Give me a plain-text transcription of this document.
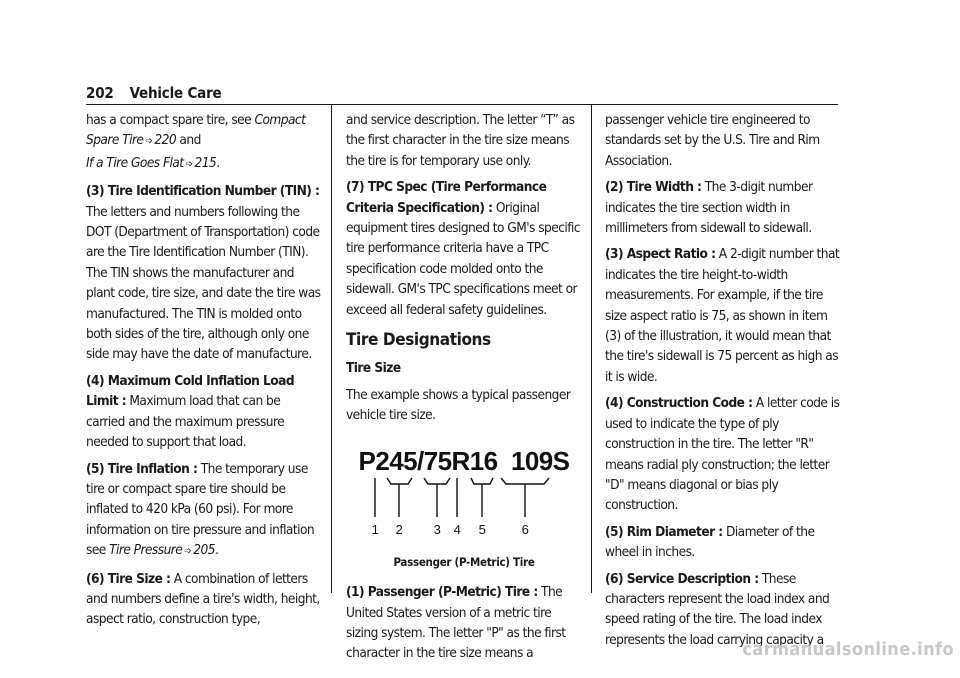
202 Vehicle Care

has a compact spare tire, see Compact Spare Tire ➩ 220 and
If a Tire Goes Flat ➩ 215.

(3) Tire Identification Number (TIN) : The letters and numbers following the DOT (Department of Transportation) code are the Tire Identification Number (TIN). The TIN shows the manufacturer and plant code, tire size, and date the tire was manufactured. The TIN is molded onto both sides of the tire, although only one side may have the date of manufacture.

(4) Maximum Cold Inflation Load Limit : Maximum load that can be carried and the maximum pressure needed to support that load.

(5) Tire Inflation : The temporary use tire or compact spare tire should be inflated to 420 kPa (60 psi). For more information on tire pressure and inflation see Tire Pressure ➩ 205.

(6) Tire Size : A combination of letters and numbers define a tire's width, height, aspect ratio, construction type,

and service description. The letter “T” as the first character in the tire size means the tire is for temporary use only.

(7) TPC Spec (Tire Performance Criteria Specification) : Original equipment tires designed to GM's specific tire performance criteria have a TPC specification code molded onto the sidewall. GM's TPC specifications meet or exceed all federal safety guidelines.

Tire Designations
Tire Size

The example shows a typical passenger vehicle tire size.

P245/75R16  109S
1 2 3 4 5	6
Passenger (P-Metric) Tire

(1) Passenger (P-Metric) Tire : The United States version of a metric tire sizing system. The letter "P" as the first character in the tire size means a

passenger vehicle tire engineered to standards set by the U.S. Tire and Rim Association.

(2) Tire Width : The 3-digit number indicates the tire section width in millimeters from sidewall to sidewall.

(3) Aspect Ratio : A 2-digit number that indicates the tire height-to-width measurements. For example, if the tire size aspect ratio is 75, as shown in item (3) of the illustration, it would mean that the tire's sidewall is 75 percent as high as it is wide.

(4) Construction Code : A letter code is used to indicate the type of ply construction in the tire. The letter "R" means radial ply construction; the letter "D" means diagonal or bias ply construction.

(5) Rim Diameter : Diameter of the wheel in inches.

(6) Service Description : These characters represent the load index and speed rating of the tire. The load index represents the load carrying capacity a

carmanualsonline.info
